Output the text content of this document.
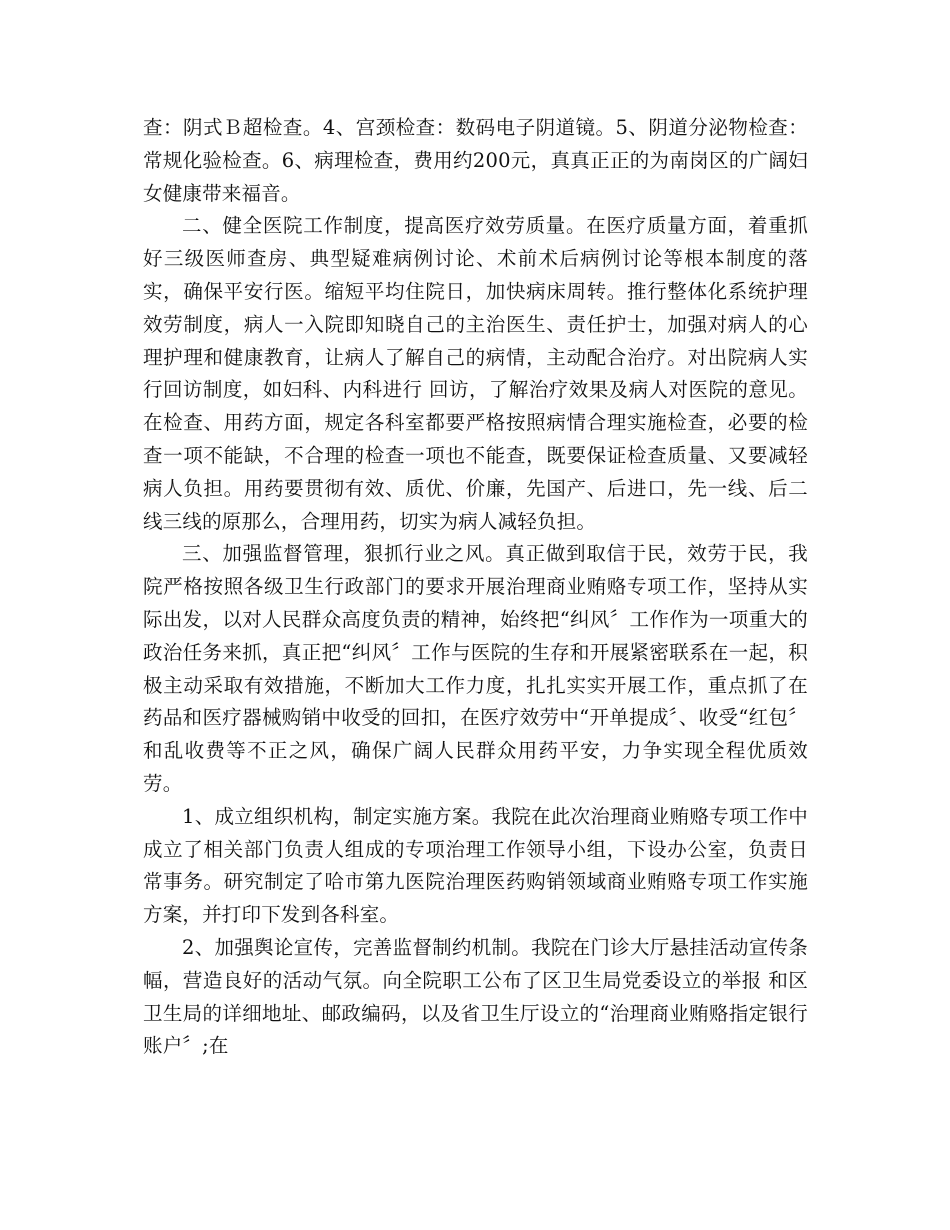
查：阴式Ｂ超检查。4、宫颈检查：数码电子阴道镜。5、阴道分泌物检查：常规化验检查。6、病理检查，费用约200元，真真正正的为南岗区的广阔妇女健康带来福音。

二、健全医院工作制度，提高医疗效劳质量。在医疗质量方面，着重抓好三级医师查房、典型疑难病例讨论、术前术后病例讨论等根本制度的落实，确保平安行医。缩短平均住院日，加快病床周转。推行整体化系统护理效劳制度，病人一入院即知晓自己的主治医生、责任护士，加强对病人的心理护理和健康教育，让病人了解自己的病情，主动配合治疗。对出院病人实行回访制度，如妇科、内科进行 回访，了解治疗效果及病人对医院的意见。在检查、用药方面，规定各科室都要严格按照病情合理实施检查，必要的检查一项不能缺，不合理的检查一项也不能查，既要保证检查质量、又要减轻病人负担。用药要贯彻有效、质优、价廉，先国产、后进口，先一线、后二线三线的原那么，合理用药，切实为病人减轻负担。

三、加强监督管理，狠抓行业之风。真正做到取信于民，效劳于民，我院严格按照各级卫生行政部门的要求开展治理商业贿赂专项工作，坚持从实际出发，以对人民群众高度负责的精神，始终把“纠风〞工作作为一项重大的政治任务来抓，真正把“纠风〞工作与医院的生存和开展紧密联系在一起，积极主动采取有效措施，不断加大工作力度，扎扎实实开展工作，重点抓了在药品和医疗器械购销中收受的回扣，在医疗效劳中“开单提成〞、收受“红包〞和乱收费等不正之风，确保广阔人民群众用药平安，力争实现全程优质效劳。

1、成立组织机构，制定实施方案。我院在此次治理商业贿赂专项工作中成立了相关部门负责人组成的专项治理工作领导小组，下设办公室，负责日常事务。研究制定了哈市第九医院治理医药购销领域商业贿赂专项工作实施方案，并打印下发到各科室。

2、加强舆论宣传，完善监督制约机制。我院在门诊大厅悬挂活动宣传条幅，营造良好的活动气氛。向全院职工公布了区卫生局党委设立的举报 和区卫生局的详细地址、邮政编码，以及省卫生厅设立的“治理商业贿赂指定银行账户〞;在
